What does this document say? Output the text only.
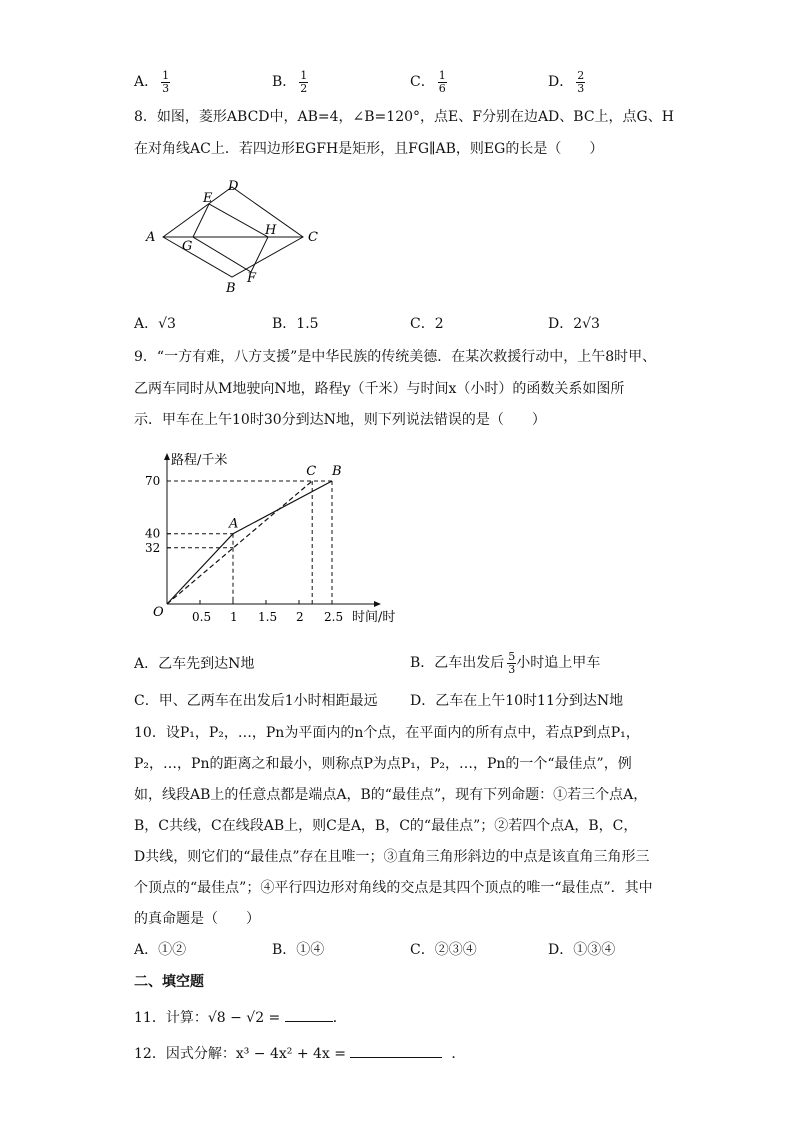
A． $\frac{1}{3}$	B． $\frac{1}{2}$	C． $\frac{1}{6}$	D． $\frac{2}{3}$
8．如图，菱形ABCD中，AB=4，∠B=120°，点E、F分别在边AD、BC上，点G、H
在对角线AC上．若四边形EGFH是矩形，且FG∥AB，则EG的长是（　　）
A
D
E
C
H
G
F
B
A．√3	B．1.5	C．2	D．2√3
9．“一方有难，八方支援”是中华民族的传统美德．在某次救援行动中，上午8时甲、
乙两车同时从M地驶向N地，路程y（千米）与时间x（小时）的函数关系如图所
示．甲车在上午10时30分到达N地，则下列说法错误的是（　　）
路程/千米
时间/时
O
70
40
32
0.5 1 1.5 2 2.5
A
B
C
A．乙车先到达N地	B．乙车出发后 $\frac{5}{3}$ 小时追上甲车
C．甲、乙两车在出发后1小时相距最远 D．乙车在上午10时11分到达N地
10．设P₁，P₂，…，Pn为平面内的n个点，在平面内的所有点中，若点P到点P₁，
P₂，…，Pn的距离之和最小，则称点P为点P₁，P₂，…，Pn的一个“最佳点”，例
如，线段AB上的任意点都是端点A，B的“最佳点”，现有下列命题：①若三个点A，
B，C共线，C在线段AB上，则C是A，B，C的“最佳点”；②若四个点A，B，C，
D共线，则它们的“最佳点”存在且唯一；③直角三角形斜边的中点是该直角三角形三
个顶点的“最佳点”；④平行四边形对角线的交点是其四个顶点的唯一“最佳点”．其中
的真命题是（　　）
A．①②	B．①④	C．②③④	D．①③④
二、填空题
11．计算：√8 − √2 =	．
12．因式分解：x³ − 4x² + 4x =	．
